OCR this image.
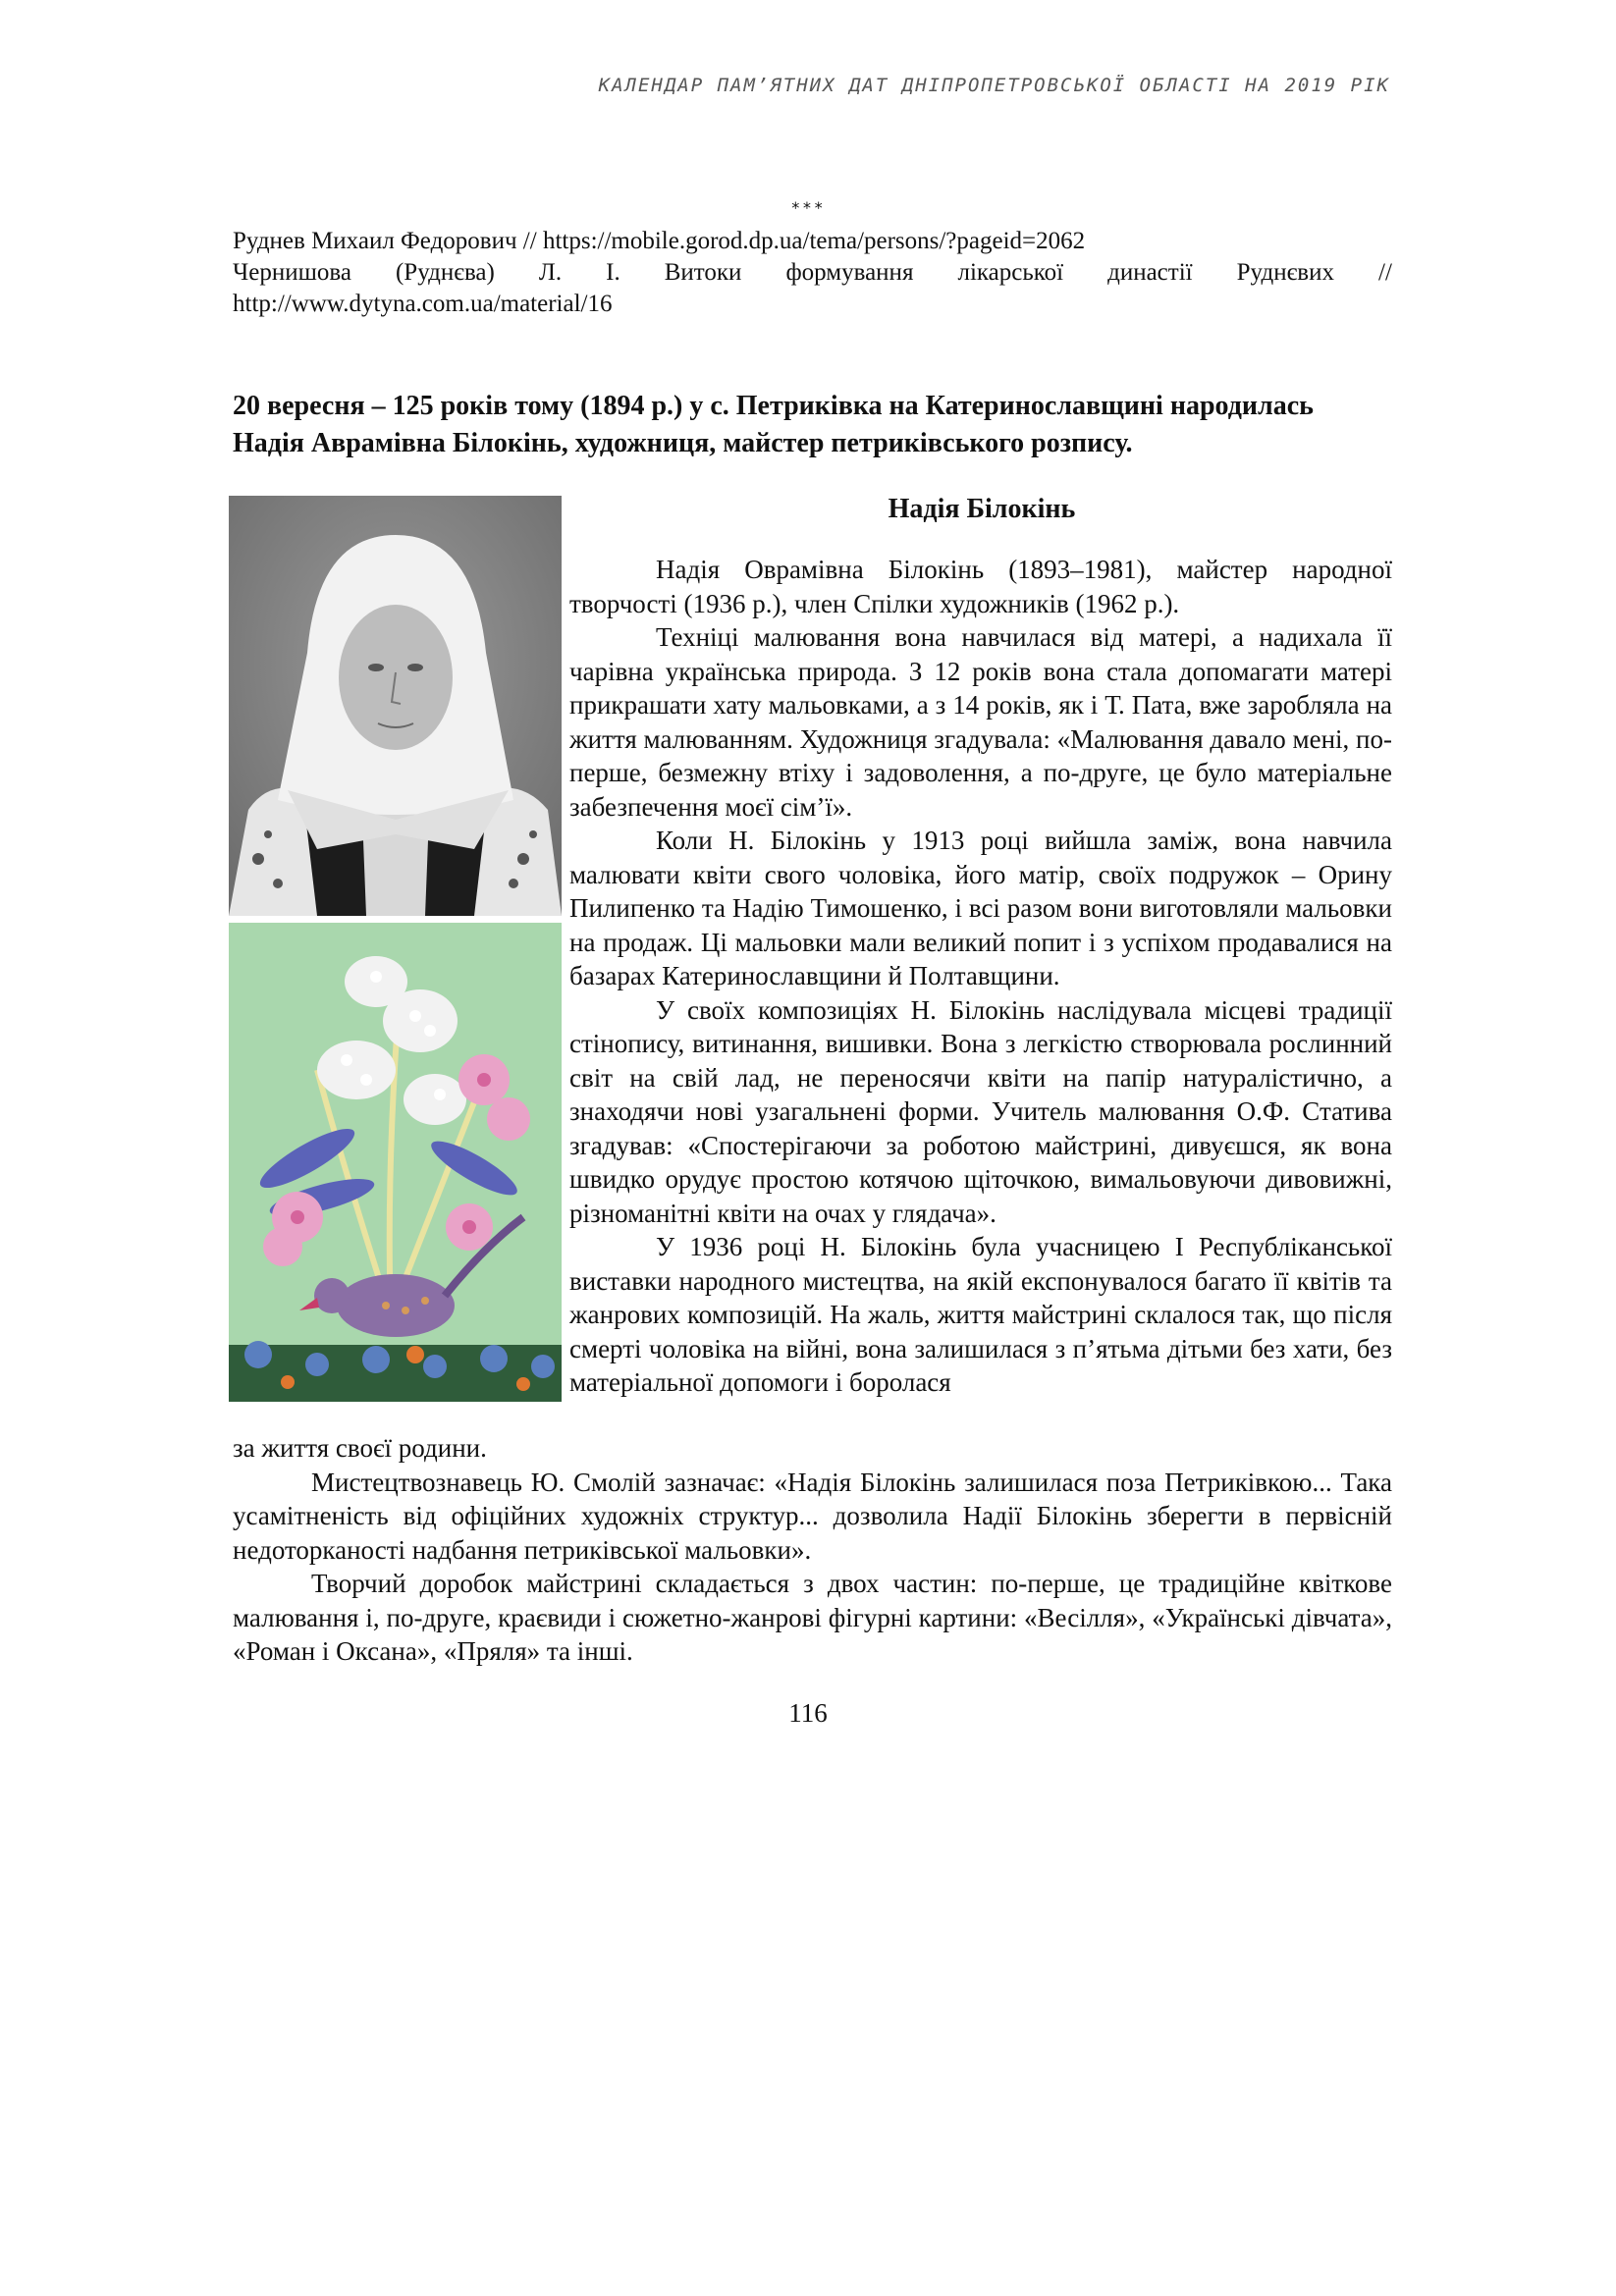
КАЛЕНДАР ПАМ’ЯТНИХ ДАТ ДНІПРОПЕТРОВСЬКОЇ ОБЛАСТІ НА 2019 РІК
***
Руднев Михаил Федорович // https://mobile.gorod.dp.ua/tema/persons/?pageid=2062
Чернишова (Руднєва) Л. І. Витоки формування лікарської династії Руднєвих //
http://www.dytyna.com.ua/material/16
20 вересня – 125 років тому (1894 р.) у с. Петриківка на Катеринославщині народилась
Надія Аврамівна Білокінь, художниця, майстер петриківського розпису.
Надія Білокінь

Надія Оврамівна Білокінь (1893–1981), майстер народної творчості (1936 р.), член Спілки художників (1962 р.).

Техніці малювання вона навчилася від матері, а надихала її чарівна українська природа. З 12 років вона стала допомагати матері прикрашати хату мальовками, а з 14 років, як і Т. Пата, вже заробляла на життя малюванням. Художниця згадувала: «Малювання давало мені, по-перше, безмежну втіху і задоволення, а по-друге, це було матеріальне забезпечення моєї сім’ї».

Коли Н. Білокінь у 1913 році вийшла заміж, вона навчила малювати квіти свого чоловіка, його матір, своїх подружок – Орину Пилипенко та Надію Тимошенко, і всі разом вони виготовляли мальовки на продаж. Ці мальовки мали великий попит і з успіхом продавалися на базарах Катеринославщини й Полтавщини.

У своїх композиціях Н. Білокінь наслідувала місцеві традиції стінопису, витинання, вишивки. Вона з легкістю створювала рослинний світ на свій лад, не переносячи квіти на папір натуралістично, а знаходячи нові узагальнені форми. Учитель малювання О.Ф. Статива згадував: «Спостерігаючи за роботою майстрині, дивуєшся, як вона швидко орудує простою котячою щіточкою, вимальовуючи дивовижні, різноманітні квіти на очах у глядача».

У 1936 році Н. Білокінь була учасницею І Республіканської виставки народного мистецтва, на якій експонувалося багато її квітів та жанрових композицій. На жаль, життя майстрині склалося так, що після смерті чоловіка на війні, вона залишилася з п’ятьма дітьми без хати, без матеріальної допомоги і боролася

за життя своєї родини.

Мистецтвознавець Ю. Смолій зазначає: «Надія Білокінь залишилася поза Петриківкою... Така усамітненість від офіційних художніх структур... дозволила Надії Білокінь зберегти в первісній недоторканості надбання петриківської мальовки».

Творчий доробок майстрині складається з двох частин: по-перше, це традиційне квіткове малювання і, по-друге, краєвиди і сюжетно-жанрові фігурні картини: «Весілля», «Українські дівчата», «Роман і Оксана», «Пряля» та інші.

116
